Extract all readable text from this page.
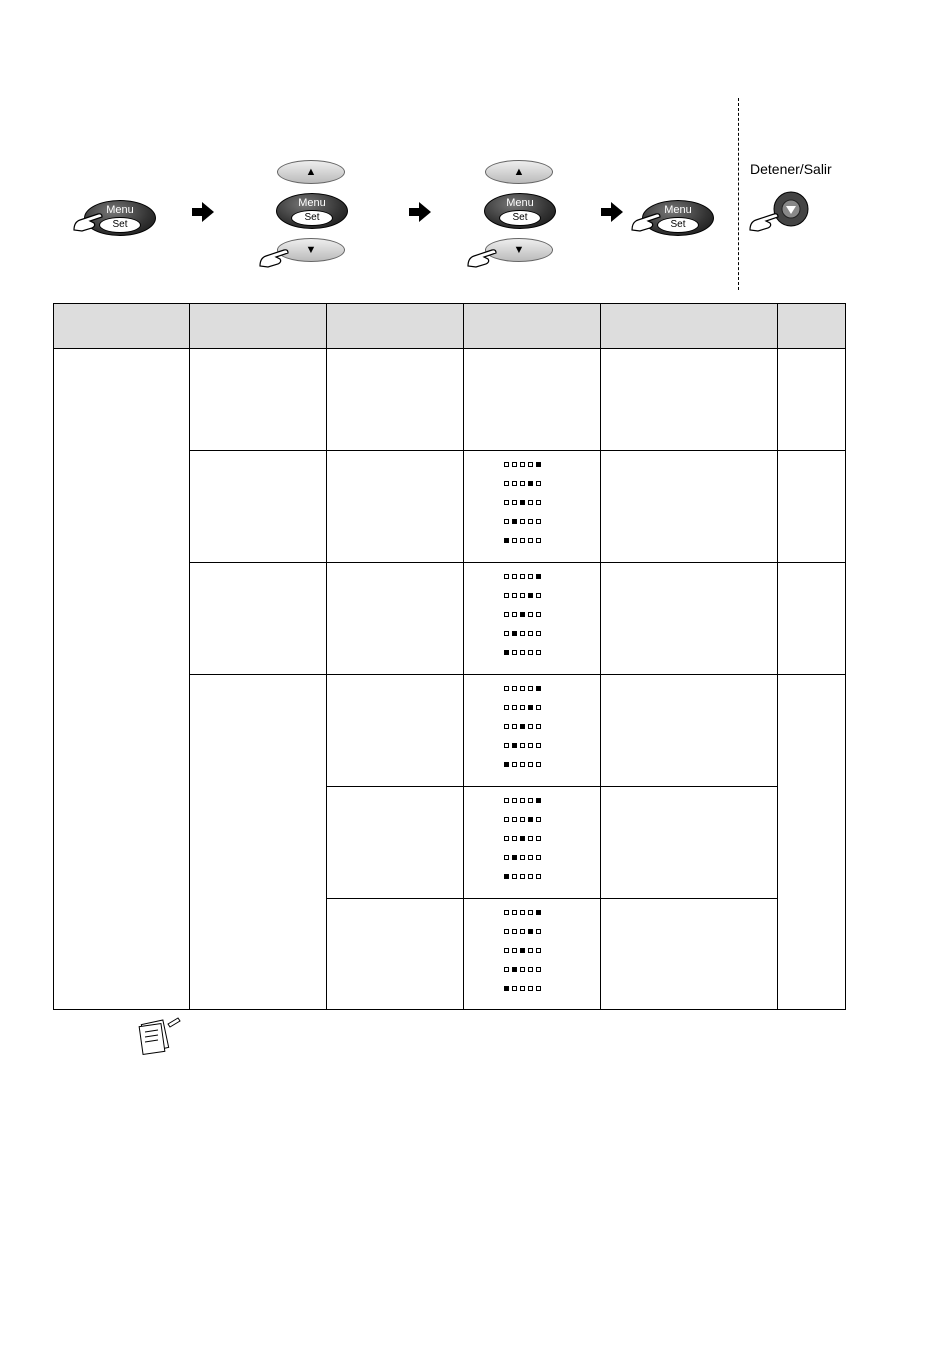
Menu
Set
▲
Menu
Set
▼
▲
Menu
Set
▼
Menu
Set
Detener/Salir
